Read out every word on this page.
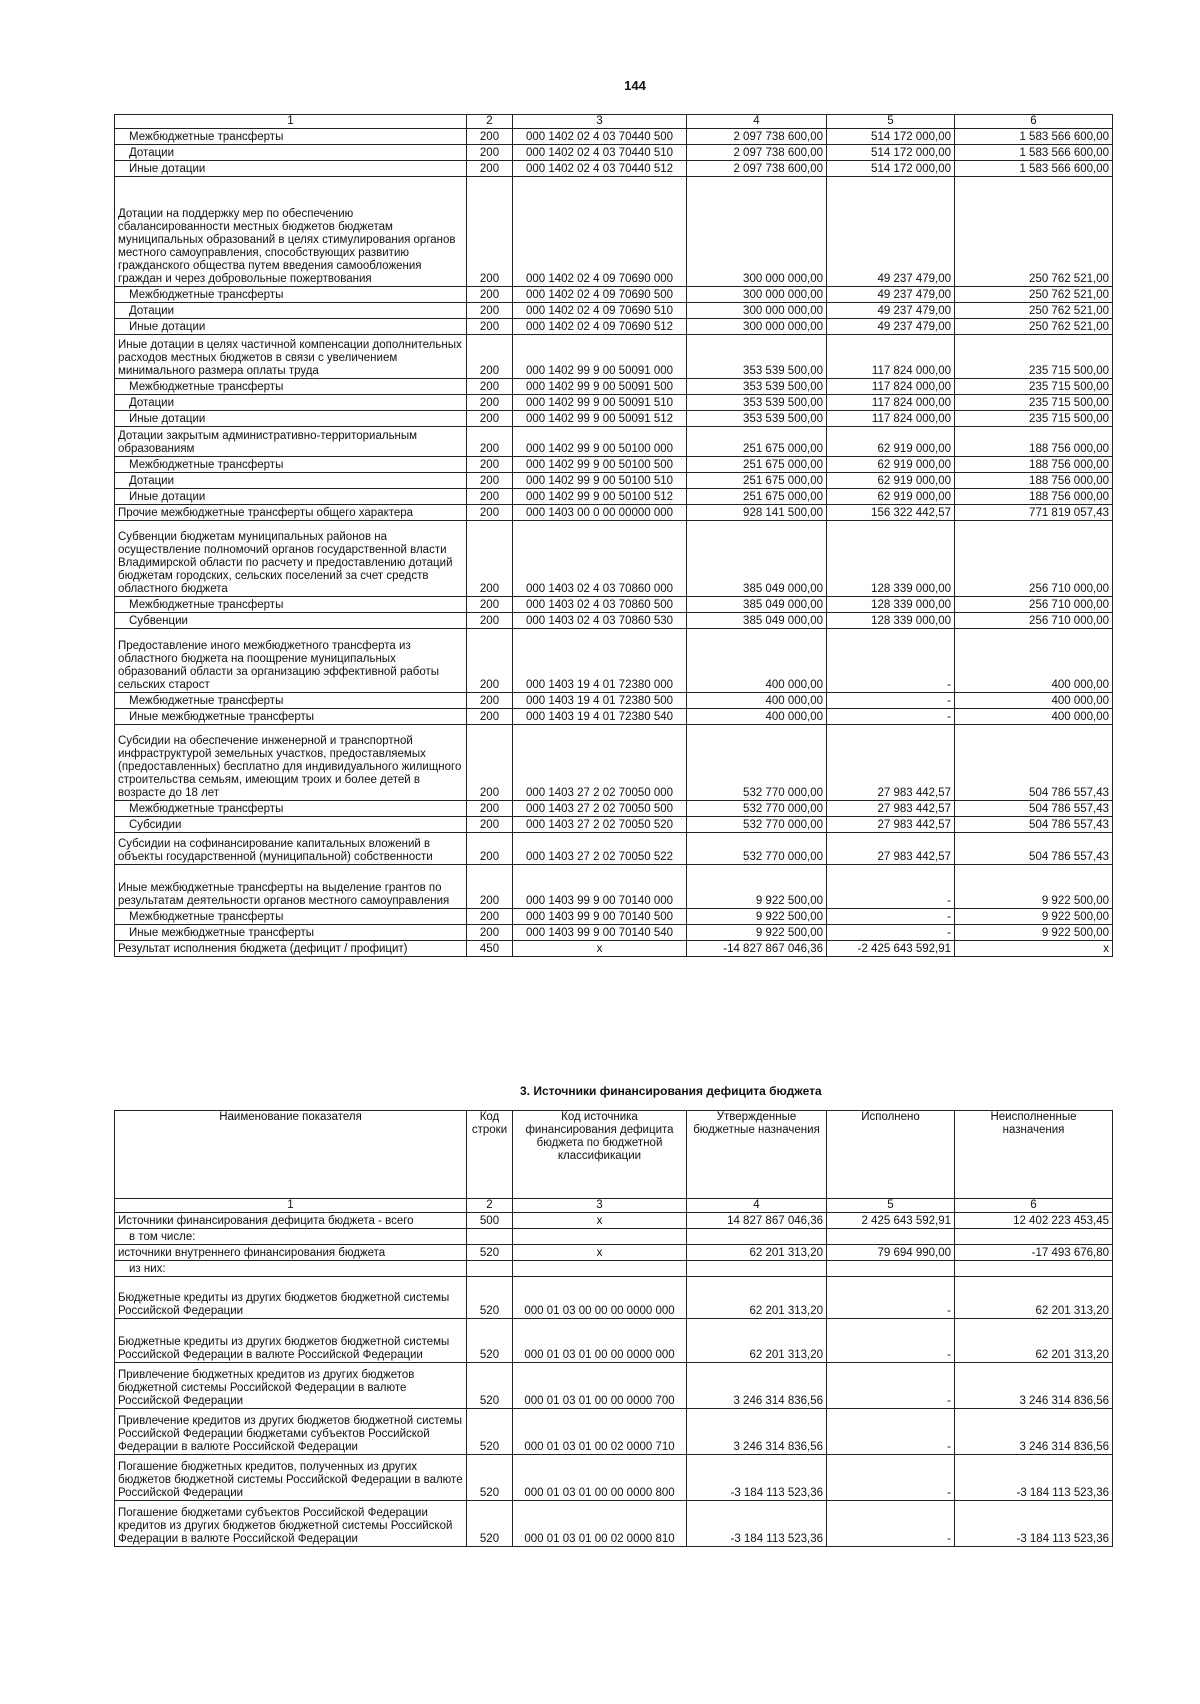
144
1	2	3	4	5	6
Межбюджетные трансферты	200	000 1402 02 4 03 70440 500	2 097 738 600,00	514 172 000,00	1 583 566 600,00
Дотации	200	000 1402 02 4 03 70440 510	2 097 738 600,00	514 172 000,00	1 583 566 600,00
Иные дотации	200	000 1402 02 4 03 70440 512	2 097 738 600,00	514 172 000,00	1 583 566 600,00
Дотации на поддержку мер по обеспечению сбалансированности местных бюджетов бюджетам муниципальных образований в целях стимулирования органов местного самоуправления, способствующих развитию гражданского общества путем введения самообложения граждан и через добровольные пожертвования	200	000 1402 02 4 09 70690 000	300 000 000,00	49 237 479,00	250 762 521,00
Межбюджетные трансферты	200	000 1402 02 4 09 70690 500	300 000 000,00	49 237 479,00	250 762 521,00
Дотации	200	000 1402 02 4 09 70690 510	300 000 000,00	49 237 479,00	250 762 521,00
Иные дотации	200	000 1402 02 4 09 70690 512	300 000 000,00	49 237 479,00	250 762 521,00
Иные дотации в целях частичной компенсации дополнительных расходов местных бюджетов в связи с увеличением минимального размера оплаты труда	200	000 1402 99 9 00 50091 000	353 539 500,00	117 824 000,00	235 715 500,00
Межбюджетные трансферты	200	000 1402 99 9 00 50091 500	353 539 500,00	117 824 000,00	235 715 500,00
Дотации	200	000 1402 99 9 00 50091 510	353 539 500,00	117 824 000,00	235 715 500,00
Иные дотации	200	000 1402 99 9 00 50091 512	353 539 500,00	117 824 000,00	235 715 500,00
Дотации закрытым административно-территориальным образованиям	200	000 1402 99 9 00 50100 000	251 675 000,00	62 919 000,00	188 756 000,00
Межбюджетные трансферты	200	000 1402 99 9 00 50100 500	251 675 000,00	62 919 000,00	188 756 000,00
Дотации	200	000 1402 99 9 00 50100 510	251 675 000,00	62 919 000,00	188 756 000,00
Иные дотации	200	000 1402 99 9 00 50100 512	251 675 000,00	62 919 000,00	188 756 000,00
Прочие межбюджетные трансферты общего характера	200	000 1403 00 0 00 00000 000	928 141 500,00	156 322 442,57	771 819 057,43
Субвенции бюджетам муниципальных районов на осуществление полномочий органов государственной власти Владимирской области по расчету и предоставлению дотаций бюджетам городских, сельских поселений за счет средств областного бюджета	200	000 1403 02 4 03 70860 000	385 049 000,00	128 339 000,00	256 710 000,00
Межбюджетные трансферты	200	000 1403 02 4 03 70860 500	385 049 000,00	128 339 000,00	256 710 000,00
Субвенции	200	000 1403 02 4 03 70860 530	385 049 000,00	128 339 000,00	256 710 000,00
Предоставление иного межбюджетного трансферта из областного бюджета на поощрение муниципальных образований области за организацию эффективной работы сельских старост	200	000 1403 19 4 01 72380 000	400 000,00	-	400 000,00
Межбюджетные трансферты	200	000 1403 19 4 01 72380 500	400 000,00	-	400 000,00
Иные межбюджетные трансферты	200	000 1403 19 4 01 72380 540	400 000,00	-	400 000,00
Субсидии на обеспечение инженерной и транспортной инфраструктурой земельных участков, предоставляемых (предоставленных) бесплатно для индивидуального жилищного строительства семьям, имеющим троих и более детей в возрасте до 18 лет	200	000 1403 27 2 02 70050 000	532 770 000,00	27 983 442,57	504 786 557,43
Межбюджетные трансферты	200	000 1403 27 2 02 70050 500	532 770 000,00	27 983 442,57	504 786 557,43
Субсидии	200	000 1403 27 2 02 70050 520	532 770 000,00	27 983 442,57	504 786 557,43
Субсидии на софинансирование капитальных вложений в объекты государственной (муниципальной) собственности	200	000 1403 27 2 02 70050 522	532 770 000,00	27 983 442,57	504 786 557,43
Иные межбюджетные трансферты на выделение грантов по результатам деятельности органов местного самоуправления	200	000 1403 99 9 00 70140 000	9 922 500,00	-	9 922 500,00
Межбюджетные трансферты	200	000 1403 99 9 00 70140 500	9 922 500,00	-	9 922 500,00
Иные межбюджетные трансферты	200	000 1403 99 9 00 70140 540	9 922 500,00	-	9 922 500,00
Результат исполнения бюджета (дефицит / профицит)	450	x	-14 827 867 046,36	-2 425 643 592,91	x
3. Источники финансирования дефицита бюджета
Наименование показателя	Код строки	Код источника финансирования дефицита бюджета по бюджетной классификации	Утвержденные бюджетные назначения	Исполнено	Неисполненные назначения
1	2	3	4	5	6
Источники финансирования дефицита бюджета - всего	500	x	14 827 867 046,36	2 425 643 592,91	12 402 223 453,45
в том числе:					
источники внутреннего финансирования бюджета	520	x	62 201 313,20	79 694 990,00	-17 493 676,80
из них:					
Бюджетные кредиты из других бюджетов бюджетной системы Российской Федерации	520	000 01 03 00 00 00 0000 000	62 201 313,20	-	62 201 313,20
Бюджетные кредиты из других бюджетов бюджетной системы Российской Федерации в валюте Российской Федерации	520	000 01 03 01 00 00 0000 000	62 201 313,20	-	62 201 313,20
Привлечение бюджетных кредитов из других бюджетов бюджетной системы Российской Федерации в валюте Российской Федерации	520	000 01 03 01 00 00 0000 700	3 246 314 836,56	-	3 246 314 836,56
Привлечение кредитов из других бюджетов бюджетной системы Российской Федерации бюджетами субъектов Российской Федерации в валюте Российской Федерации	520	000 01 03 01 00 02 0000 710	3 246 314 836,56	-	3 246 314 836,56
Погашение бюджетных кредитов, полученных из других бюджетов бюджетной системы Российской Федерации в валюте Российской Федерации	520	000 01 03 01 00 00 0000 800	-3 184 113 523,36	-	-3 184 113 523,36
Погашение бюджетами субъектов Российской Федерации кредитов из других бюджетов бюджетной системы Российской Федерации в валюте Российской Федерации	520	000 01 03 01 00 02 0000 810	-3 184 113 523,36	-	-3 184 113 523,36
